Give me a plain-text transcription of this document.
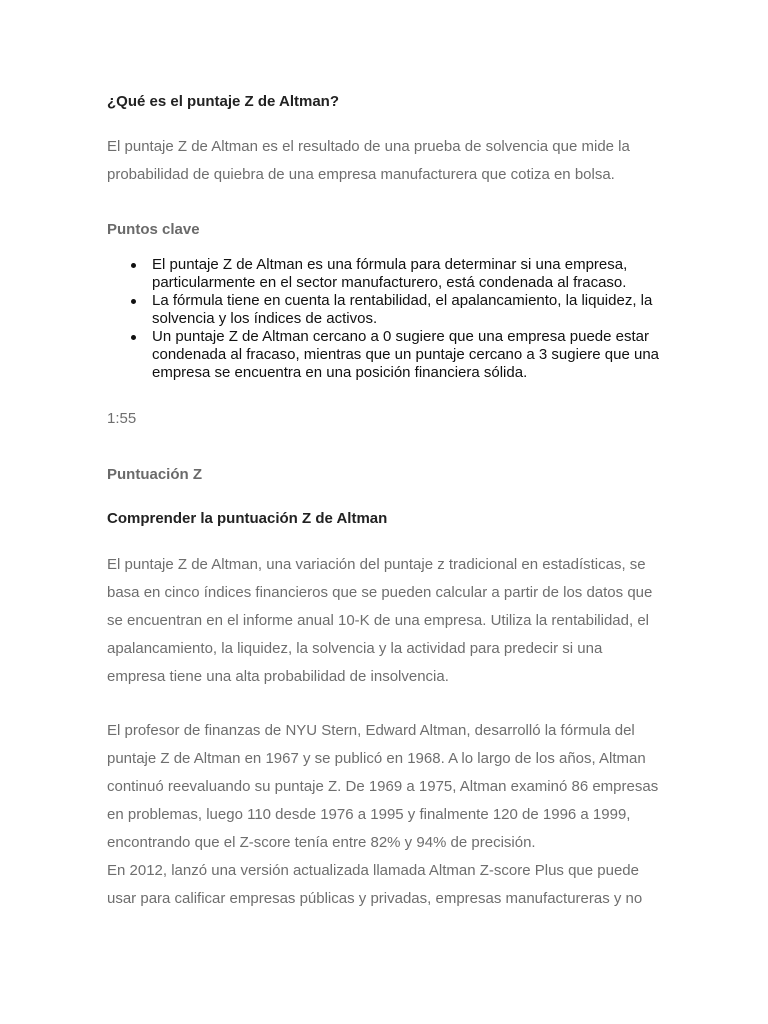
¿Qué es el puntaje Z de Altman?

El puntaje Z de Altman es el resultado de una prueba de solvencia que mide la
probabilidad de quiebra de una empresa manufacturera que cotiza en bolsa.

Puntos clave
El puntaje Z de Altman es una fórmula para determinar si una empresa,
particularmente en el sector manufacturero, está condenada al fracaso.
La fórmula tiene en cuenta la rentabilidad, el apalancamiento, la liquidez, la
solvencia y los índices de activos.
Un puntaje Z de Altman cercano a 0 sugiere que una empresa puede estar
condenada al fracaso, mientras que un puntaje cercano a 3 sugiere que una
empresa se encuentra en una posición financiera sólida.
1:55
Puntuación Z
Comprender la puntuación Z de Altman

El puntaje Z de Altman, una variación del puntaje z tradicional en estadísticas, se
basa en cinco índices financieros que se pueden calcular a partir de los datos que
se encuentran en el informe anual 10-K de una empresa. Utiliza la rentabilidad, el
apalancamiento, la liquidez, la solvencia y la actividad para predecir si una
empresa tiene una alta probabilidad de insolvencia.

El profesor de finanzas de NYU Stern, Edward Altman, desarrolló la fórmula del
puntaje Z de Altman en 1967 y se publicó en 1968. A lo largo de los años, Altman
continuó reevaluando su puntaje Z. De 1969 a 1975, Altman examinó 86 empresas
en problemas, luego 110 desde 1976 a 1995 y finalmente 120 de 1996 a 1999,
encontrando que el Z-score tenía entre 82% y 94% de precisión.
En 2012, lanzó una versión actualizada llamada Altman Z-score Plus que puede
usar para calificar empresas públicas y privadas, empresas manufactureras y no
